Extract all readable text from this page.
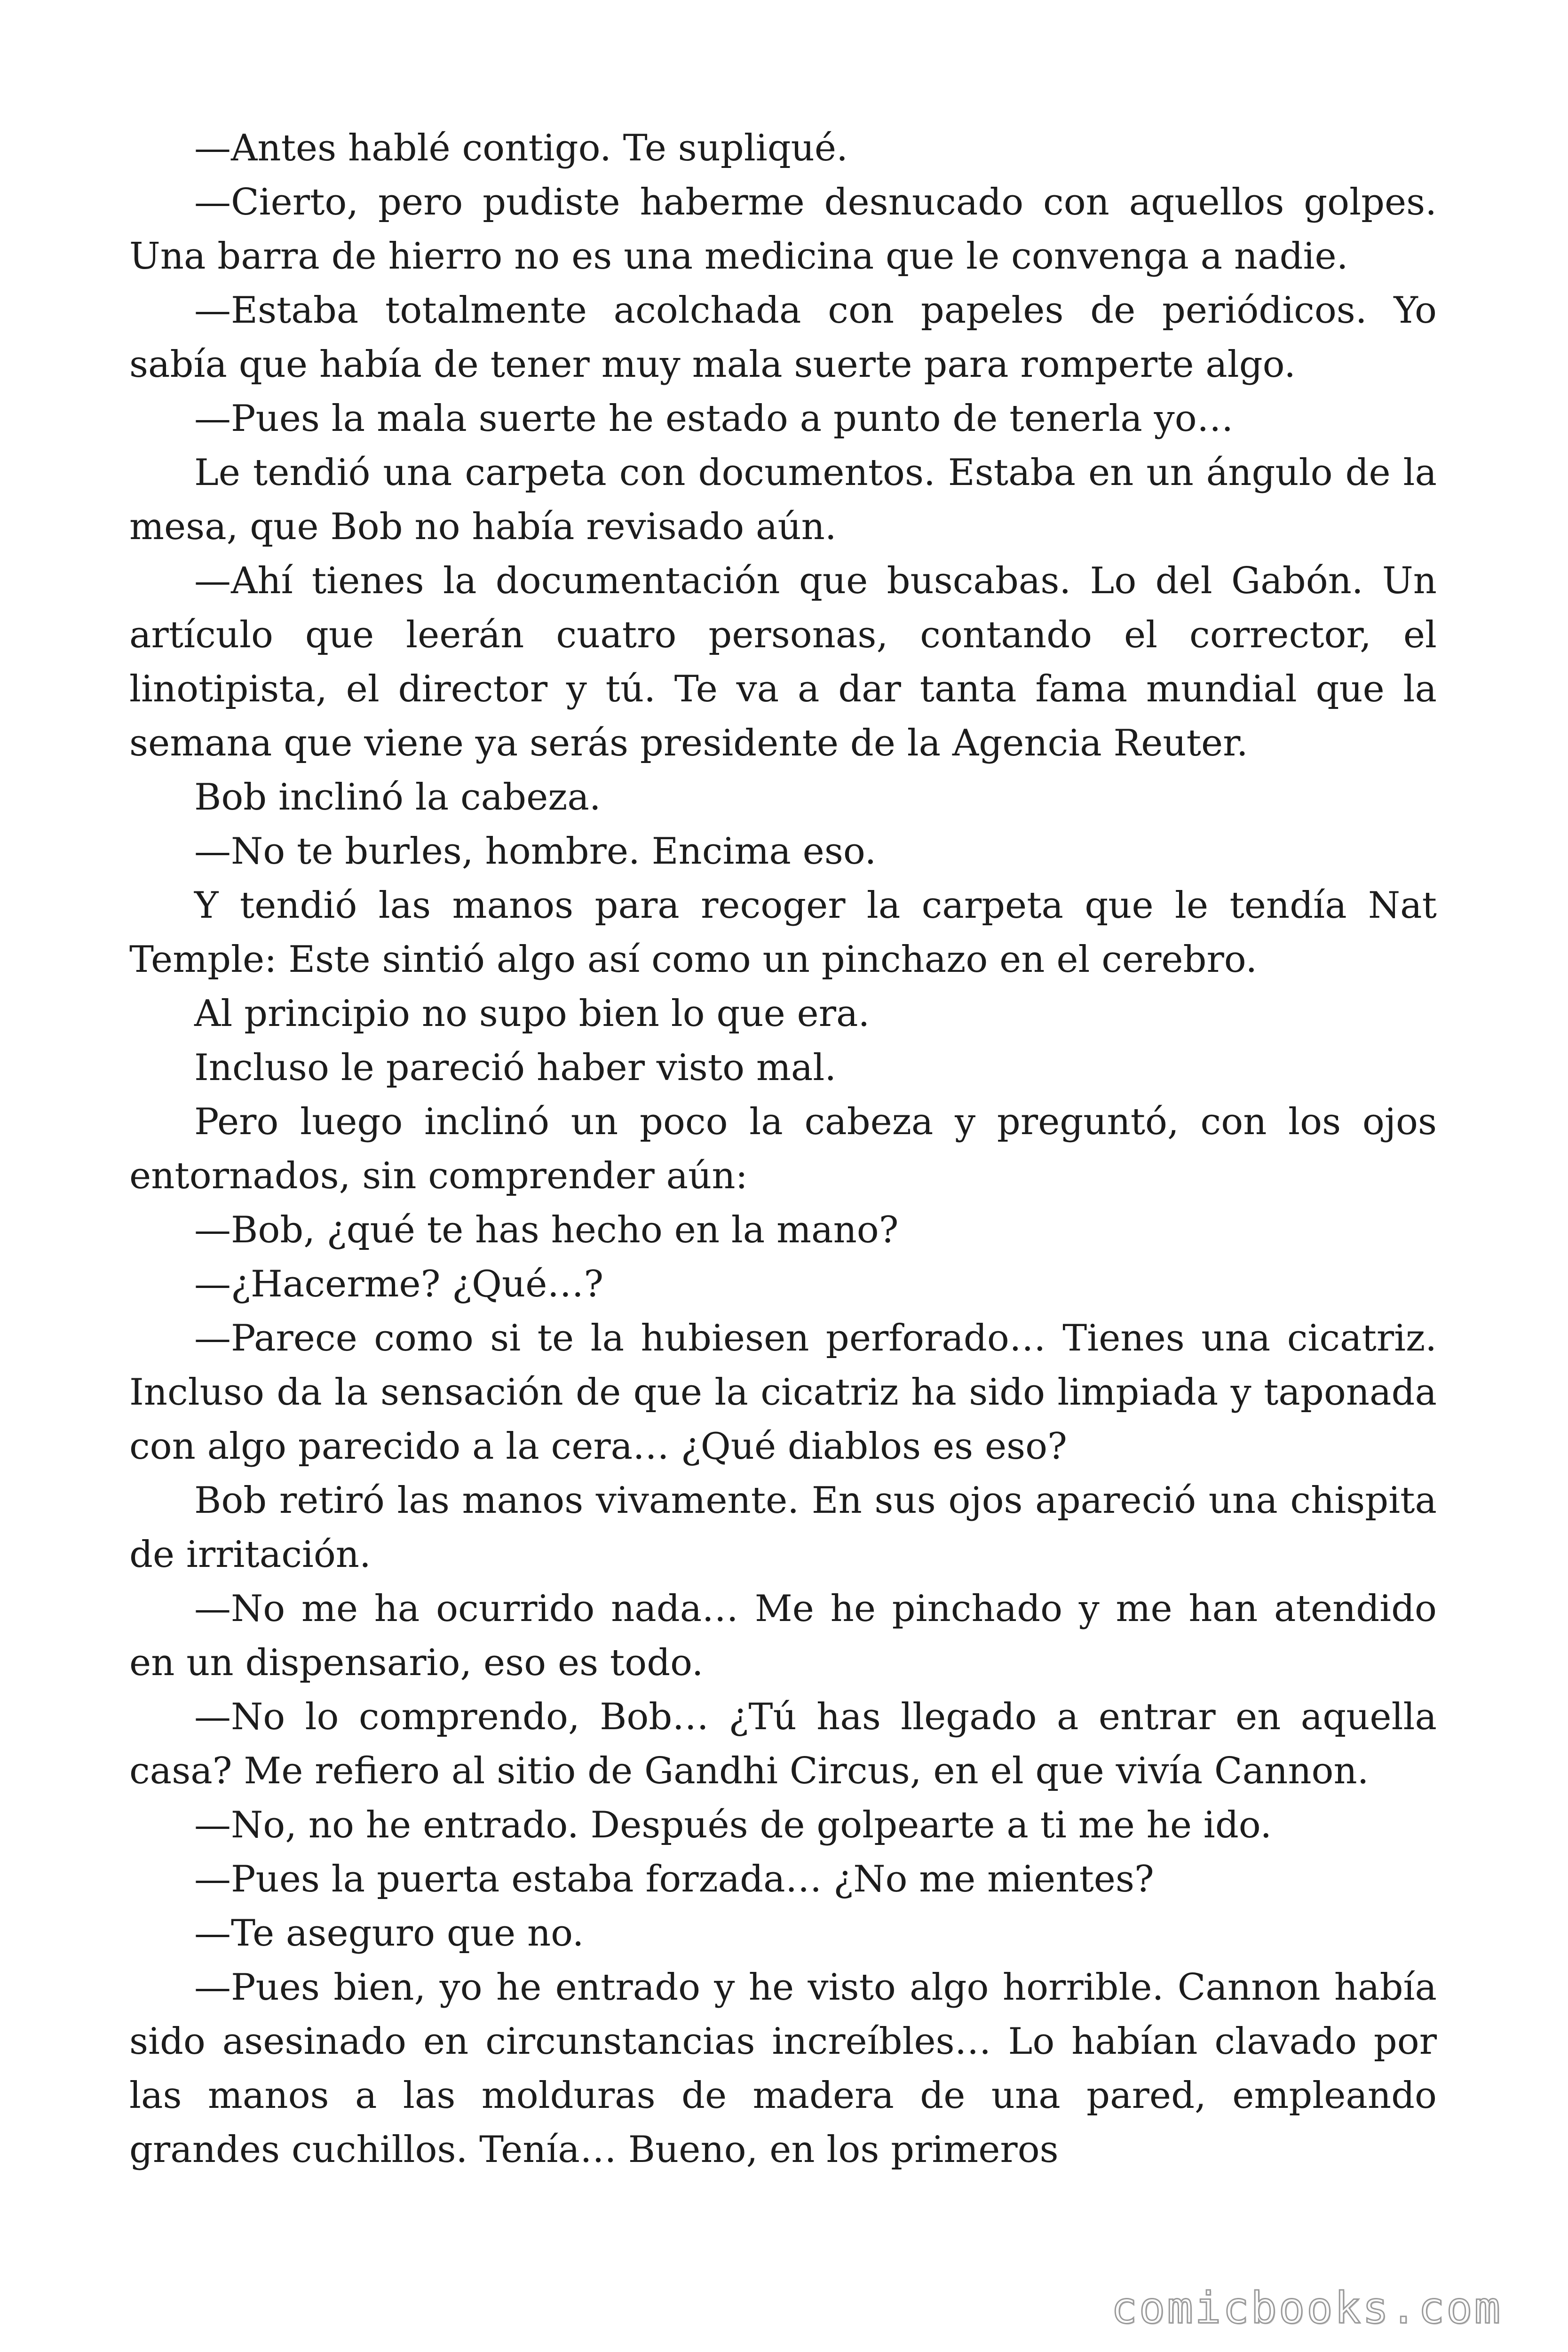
—Antes hablé contigo. Te supliqué.

—Cierto, pero pudiste haberme desnucado con aquellos golpes. Una barra de hierro no es una medicina que le convenga a nadie.

—Estaba totalmente acolchada con papeles de periódicos. Yo sabía que había de tener muy mala suerte para romperte algo.

—Pues la mala suerte he estado a punto de tenerla yo…

Le tendió una carpeta con documentos. Estaba en un ángulo de la mesa, que Bob no había revisado aún.

—Ahí tienes la documentación que buscabas. Lo del Gabón. Un artículo que leerán cuatro personas, contando el corrector, el linotipista, el director y tú. Te va a dar tanta fama mundial que la semana que viene ya serás presidente de la Agencia Reuter.

Bob inclinó la cabeza.

—No te burles, hombre. Encima eso.

Y tendió las manos para recoger la carpeta que le tendía Nat Temple: Este sintió algo así como un pinchazo en el cerebro.

Al principio no supo bien lo que era.

Incluso le pareció haber visto mal.

Pero luego inclinó un poco la cabeza y preguntó, con los ojos entornados, sin comprender aún:

—Bob, ¿qué te has hecho en la mano?

—¿Hacerme? ¿Qué…?

—Parece como si te la hubiesen perforado… Tienes una cicatriz. Incluso da la sensación de que la cicatriz ha sido limpiada y taponada con algo parecido a la cera… ¿Qué diablos es eso?

Bob retiró las manos vivamente. En sus ojos apareció una chispita de irritación.

—No me ha ocurrido nada… Me he pinchado y me han atendido en un dispensario, eso es todo.

—No lo comprendo, Bob… ¿Tú has llegado a entrar en aquella casa? Me refiero al sitio de Gandhi Circus, en el que vivía Cannon.

—No, no he entrado. Después de golpearte a ti me he ido.

—Pues la puerta estaba forzada… ¿No me mientes?

—Te aseguro que no.

—Pues bien, yo he entrado y he visto algo horrible. Cannon había sido asesinado en circunstancias increíbles… Lo habían clavado por las manos a las molduras de madera de una pared, empleando grandes cuchillos. Tenía… Bueno, en los primeros

comicbooks.com
